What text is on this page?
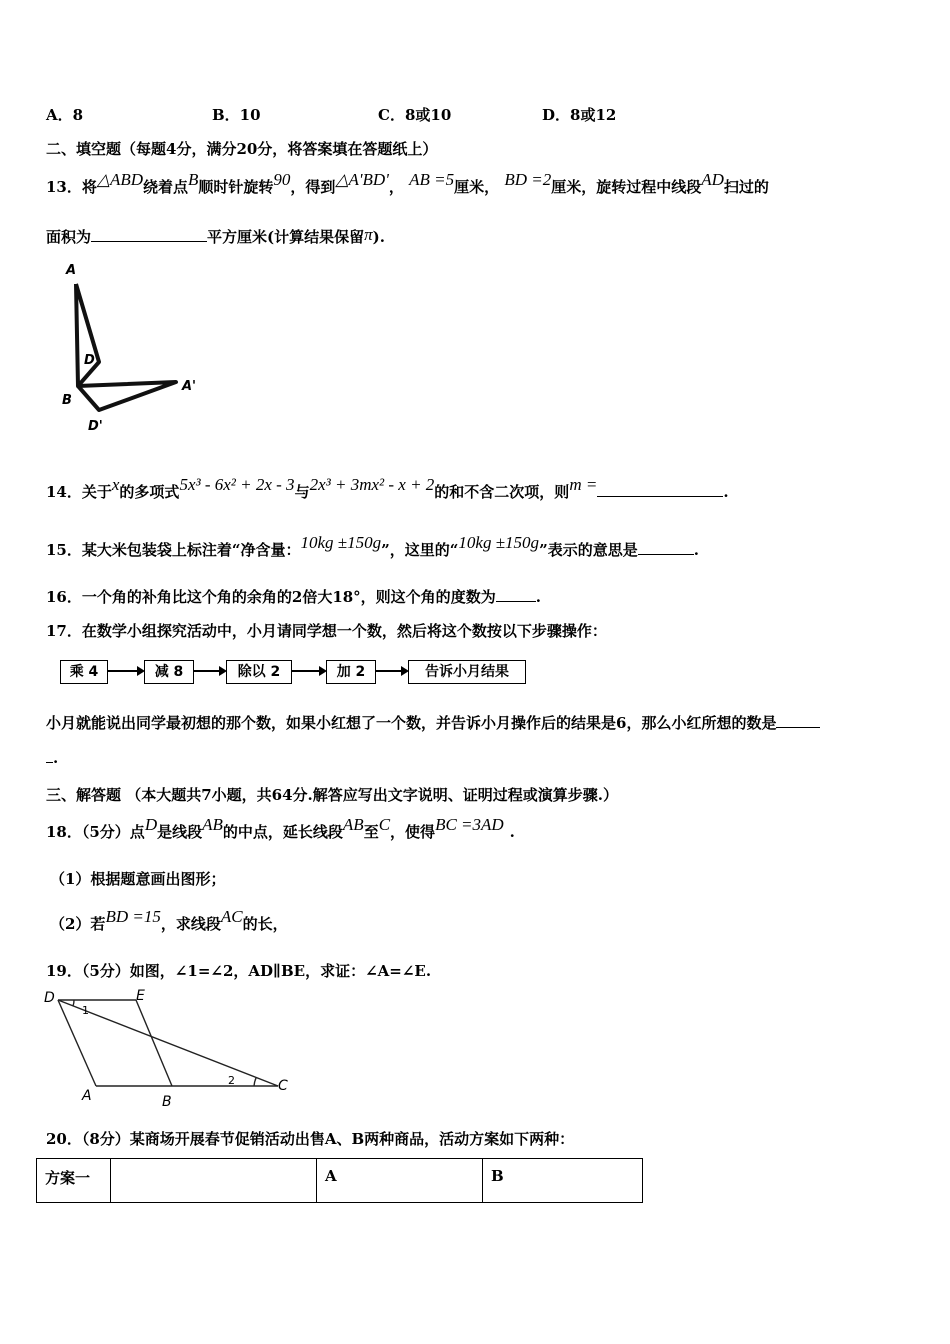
A．8	B．10	C．8或10	D．8或12
二、填空题（每题4分，满分20分，将答案填在答题纸上）
13．将△ABD绕着点B顺时针旋转90，得到△A'BD'， AB =5厘米， BD =2厘米，旋转过程中线段AD扫过的
面积为	平方厘米(计算结果保留π).
A
D
B
A'
D'
14．关于x的多项式5x³ - 6x² + 2x - 3与2x³ + 3mx² - x + 2的和不含二次项，则m =	.
15．某大米包装袋上标注着“净含量：10kg ±150g”，这里的“10kg ±150g”表示的意思是	.
16．一个角的补角比这个角的余角的2倍大18°，则这个角的度数为	.
17．在数学小组探究活动中，小月请同学想一个数，然后将这个数按以下步骤操作：
乘 4	减 8	除以 2	加 2	告诉小月结果
小月就能说出同学最初想的那个数，如果小红想了一个数，并告诉小月操作后的结果是6，那么小红所想的数是
.
三、解答题 （本大题共7小题，共64分.解答应写出文字说明、证明过程或演算步骤.）
18．（5分）点D是线段AB的中点，延长线段AB至C，使得BC =3AD .
（1）根据题意画出图形；
（2）若BD =15，求线段AC的长，
19．（5分）如图，∠1=∠2，AD∥BE，求证：∠A=∠E.
D	E
1
2
A	B
C
20．（8分）某商场开展春节促销活动出售A、B两种商品，活动方案如下两种：
方案一		A	B
